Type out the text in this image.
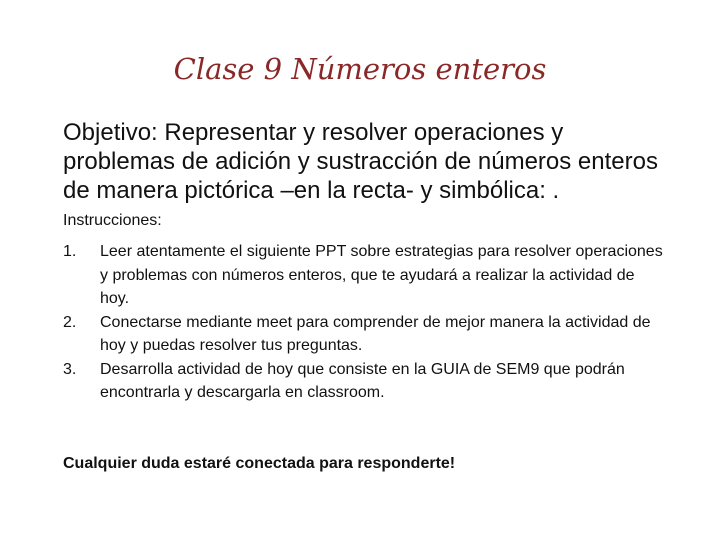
Clase 9 Números enteros
Objetivo: Representar y resolver operaciones y problemas de adición y sustracción de números enteros de manera pictórica –en la recta- y simbólica: .
Instrucciones:
1. Leer atentamente el siguiente PPT sobre estrategias para resolver operaciones y problemas con números enteros, que te ayudará a realizar la actividad de hoy.
2. Conectarse mediante meet para comprender de mejor manera la actividad de hoy y puedas resolver tus preguntas.
3. Desarrolla actividad de hoy que consiste en la GUIA de SEM9 que podrán encontrarla y descargarla en classroom.
Cualquier duda estaré conectada para responderte!
